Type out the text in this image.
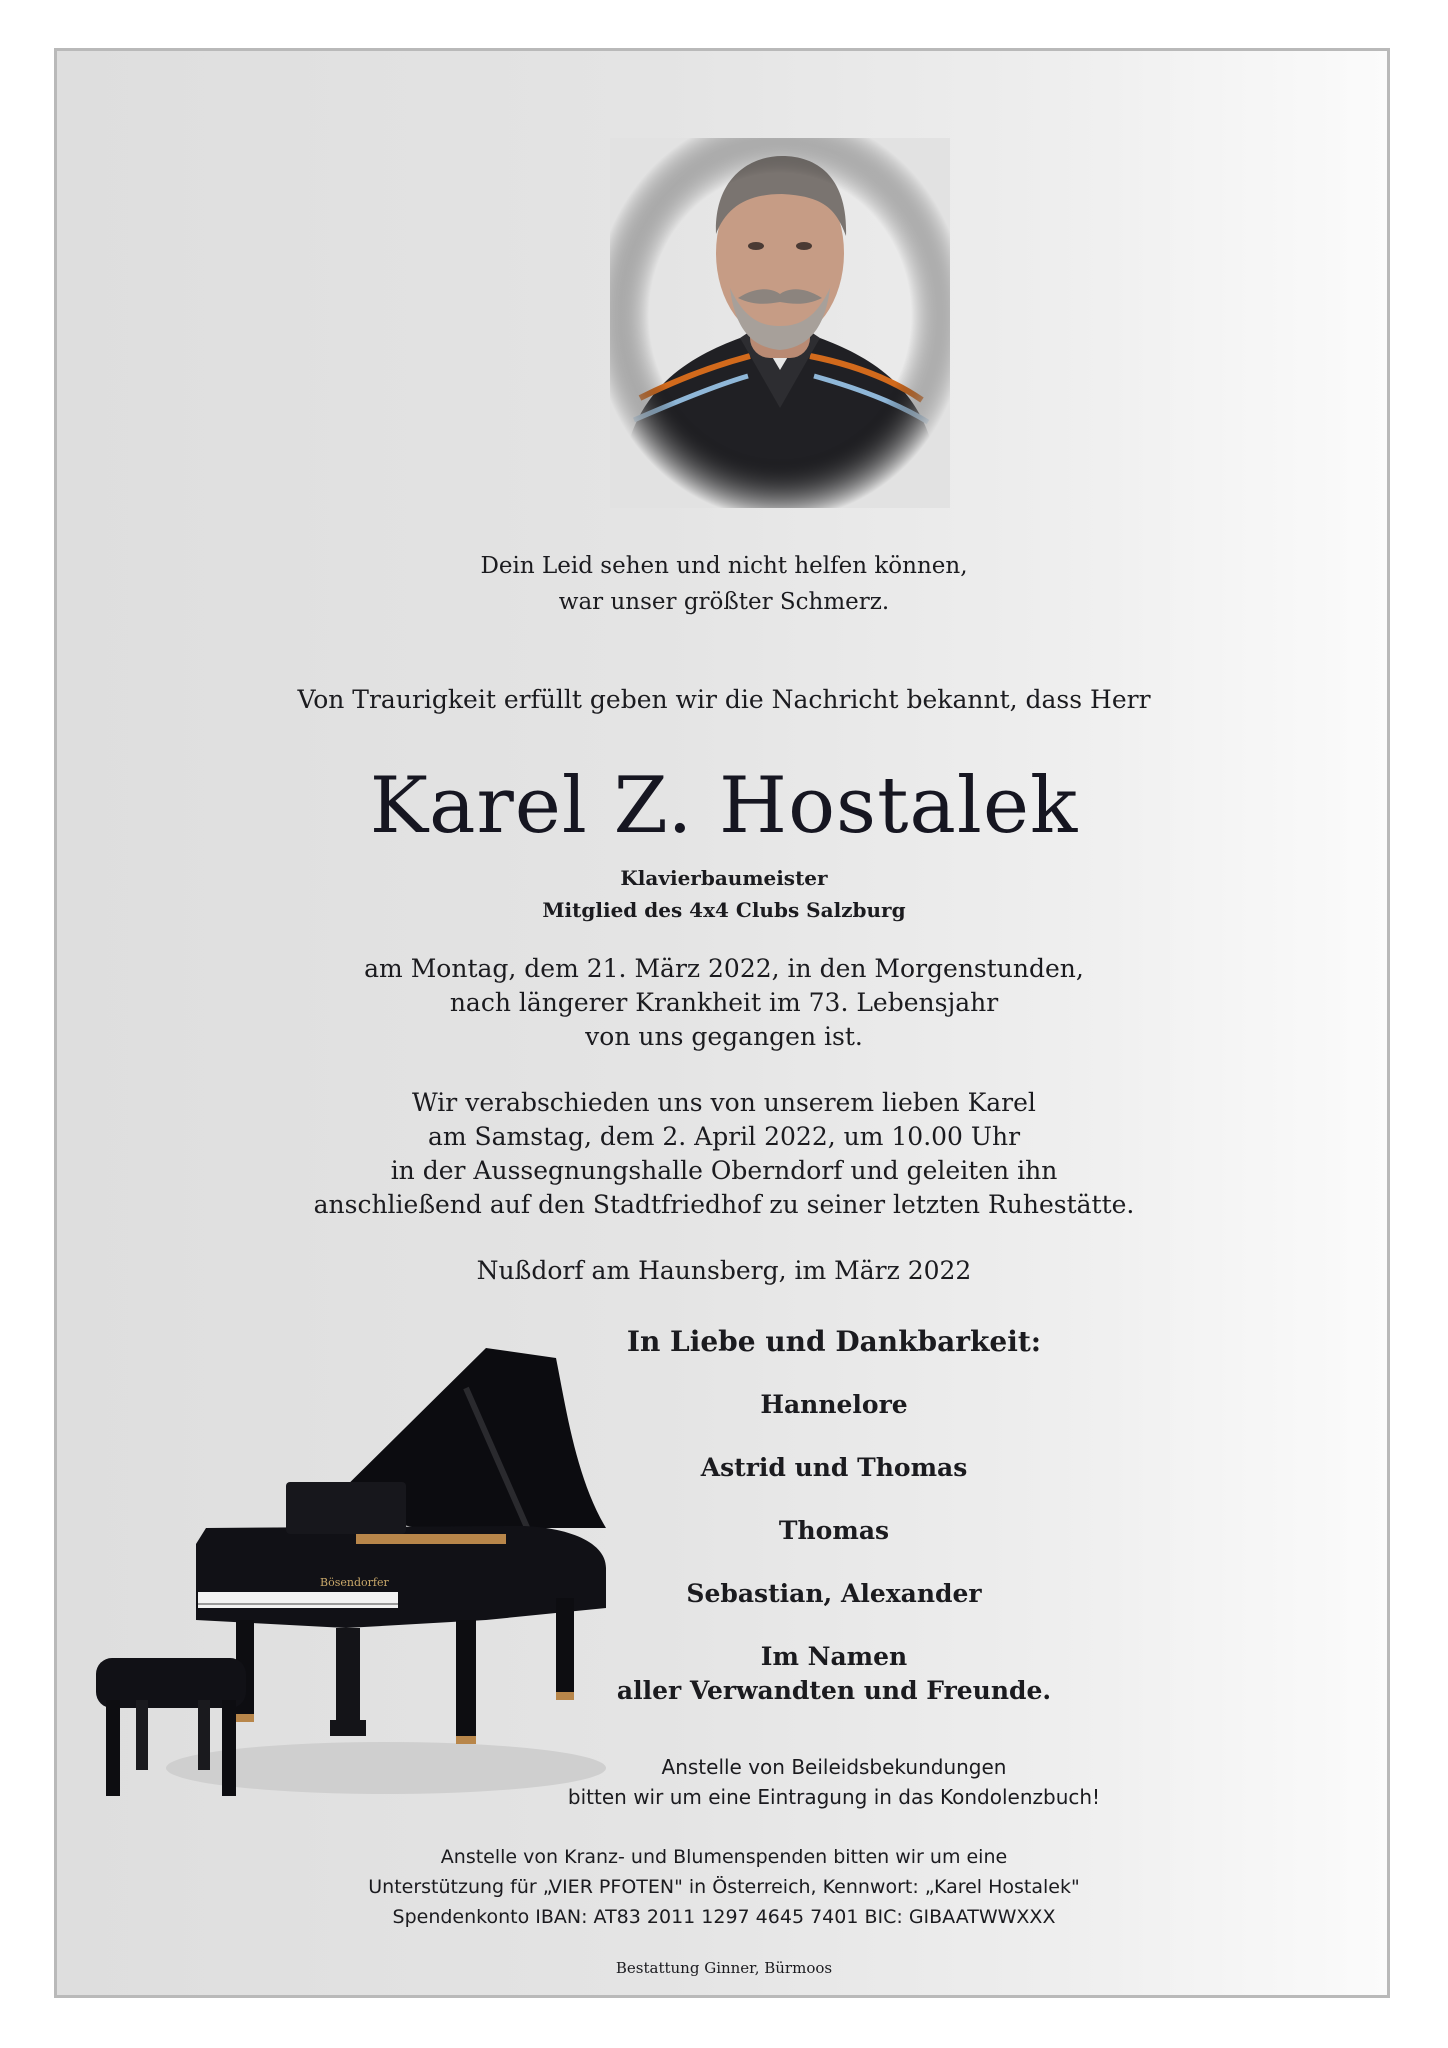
Dein Leid sehen und nicht helfen können,
war unser größter Schmerz.
Von Traurigkeit erfüllt geben wir die Nachricht bekannt, dass Herr
Karel Z. Hostalek
Klavierbaumeister
Mitglied des 4x4 Clubs Salzburg
am Montag, dem 21. März 2022, in den Morgenstunden,
nach längerer Krankheit im 73. Lebensjahr
von uns gegangen ist.
Wir verabschieden uns von unserem lieben Karel
am Samstag, dem 2. April 2022, um 10.00 Uhr
in der Aussegnungshalle Oberndorf und geleiten ihn
anschließend auf den Stadtfriedhof zu seiner letzten Ruhestätte.
Nußdorf am Haunsberg, im März 2022
Bösendorfer
In Liebe und Dankbarkeit:
Hannelore
Astrid und Thomas
Thomas
Sebastian, Alexander
Im Namen
aller Verwandten und Freunde.
Anstelle von Beileidsbekundungen
bitten wir um eine Eintragung in das Kondolenzbuch!
Anstelle von Kranz- und Blumenspenden bitten wir um eine
Unterstützung für „VIER PFOTEN" in Österreich, Kennwort: „Karel Hostalek"
Spendenkonto IBAN: AT83 2011 1297 4645 7401 BIC: GIBAATWWXXX
Bestattung Ginner, Bürmoos
